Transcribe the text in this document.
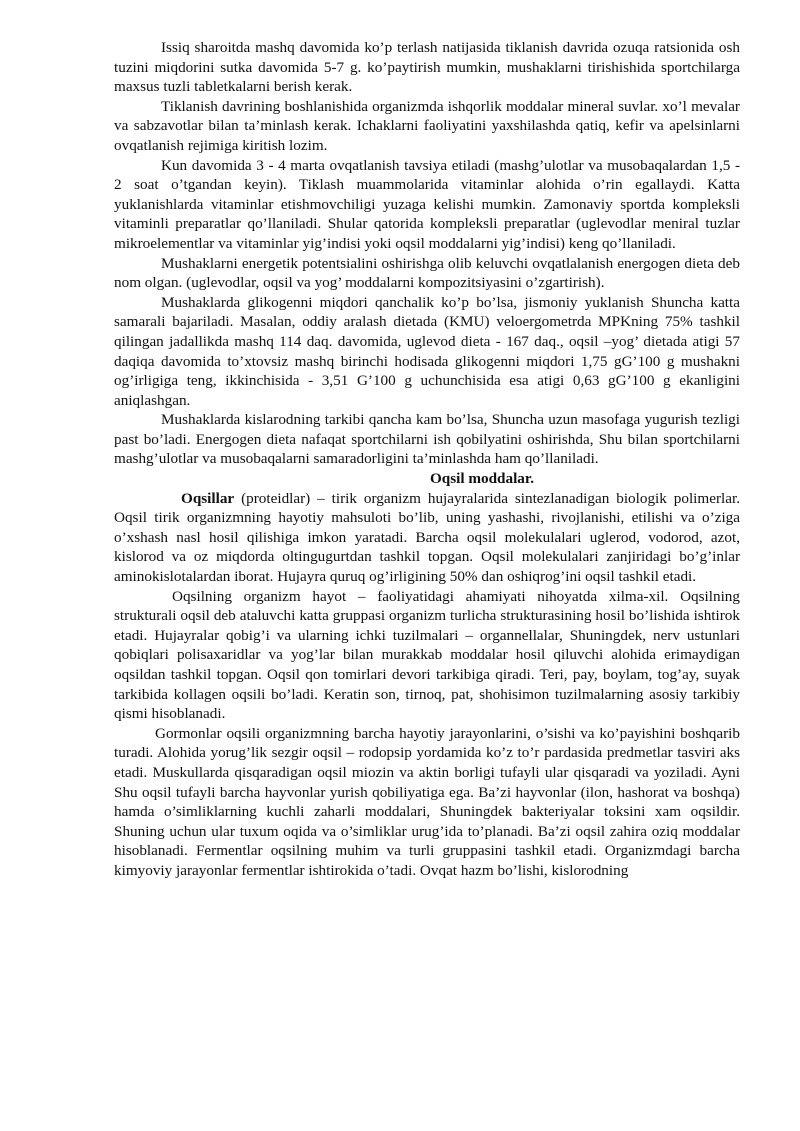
Issiq sharoitda mashq davomida ko’p terlash natijasida tiklanish davrida ozuqa ratsionida osh tuzini miqdorini sutka davomida 5-7 g. ko’paytirish mumkin, mushaklarni tirishishida sportchilarga maxsus tuzli tabletkalarni berish kerak.

Tiklanish davrining boshlanishida organizmda ishqorlik moddalar mineral suvlar. xo’l mevalar va sabzavotlar bilan ta’minlash kerak. Ichaklarni faoliyatini yaxshilashda qatiq, kefir va apelsinlarni ovqatlanish rejimiga kiritish lozim.

Kun davomida 3 - 4 marta ovqatlanish tavsiya etiladi (mashg’ulotlar va musobaqalardan 1,5 - 2 soat o’tgandan keyin). Tiklash muammolarida vitaminlar alohida o’rin egallaydi. Katta yuklanishlarda vitaminlar etishmovchiligi yuzaga kelishi mumkin. Zamonaviy sportda kompleksli vitaminli preparatlar qo’llaniladi. Shular qatorida kompleksli preparatlar (uglevodlar meniral tuzlar mikroelementlar va vitaminlar yig’indisi yoki oqsil moddalarni yig’indisi) keng qo’llaniladi.

Mushaklarni energetik potentsialini oshirishga olib keluvchi ovqatlalanish energogen dieta deb nom olgan. (uglevodlar, oqsil va yog’ moddalarni kompozitsiyasini o’zgartirish).

Mushaklarda glikogenni miqdori qanchalik ko’p bo’lsa, jismoniy yuklanish Shuncha katta samarali bajariladi. Masalan, oddiy aralash dietada (KMU) veloergometrda MPKning 75% tashkil qilingan jadallikda mashq 114 daq. davomida, uglevod dieta - 167 daq., oqsil –yog’ dietada atigi 57 daqiqa davomida to’xtovsiz mashq birinchi hodisada glikogenni miqdori 1,75 gG’100 g mushakni og’irligiga teng, ikkinchisida - 3,51 G’100 g uchunchisida esa atigi 0,63 gG’100 g ekanligini aniqlashgan.

Mushaklarda kislarodning tarkibi qancha kam bo’lsa, Shuncha uzun masofaga yugurish tezligi past bo’ladi. Energogen dieta nafaqat sportchilarni ish qobilyatini oshirishda, Shu bilan sportchilarni mashg’ulotlar va musobaqalarni samaradorligini ta’minlashda ham qo’llaniladi.

Oqsil moddalar.

Oqsillar (proteidlar) – tirik organizm hujayralarida sintezlanadigan biologik polimerlar. Oqsil tirik organizmning hayotiy mahsuloti bo’lib, uning yashashi, rivojlanishi, etilishi va o’ziga o’xshash nasl hosil qilishiga imkon yaratadi. Barcha oqsil molekulalari uglerod, vodorod, azot, kislorod va oz miqdorda oltingugurtdan tashkil topgan. Oqsil molekulalari zanjiridagi bo’g’inlar aminokislotalardan iborat. Hujayra quruq og’irligining 50% dan oshiqrog’ini oqsil tashkil etadi.

Oqsilning organizm hayot – faoliyatidagi ahamiyati nihoyatda xilma-xil. Oqsilning strukturali oqsil deb ataluvchi katta gruppasi organizm turlicha strukturasining hosil bo’lishida ishtirok etadi. Hujayralar qobig’i va ularning ichki tuzilmalari – organnellalar, Shuningdek, nerv ustunlari qobiqlari polisaxaridlar va yog’lar bilan murakkab moddalar hosil qiluvchi alohida erimaydigan oqsildan tashkil topgan. Oqsil qon tomirlari devori tarkibiga qiradi. Teri, pay, boylam, tog’ay, suyak tarkibida kollagen oqsili bo’ladi. Keratin son, tirnoq, pat, shohisimon tuzilmalarning asosiy tarkibiy qismi hisoblanadi.

Gormonlar oqsili organizmning barcha hayotiy jarayonlarini, o’sishi va ko’payishini boshqarib turadi. Alohida yorug’lik sezgir oqsil – rodopsip yordamida ko’z to’r pardasida predmetlar tasviri aks etadi. Muskullarda qisqaradigan oqsil miozin va aktin borligi tufayli ular qisqaradi va yoziladi. Ayni Shu oqsil tufayli barcha hayvonlar yurish qobiliyatiga ega. Ba’zi hayvonlar (ilon, hashorat va boshqa) hamda o’simliklarning kuchli zaharli moddalari, Shuningdek bakteriyalar toksini xam oqsildir. Shuning uchun ular tuxum oqida va o’simliklar urug’ida to’planadi. Ba’zi oqsil zahira oziq moddalar hisoblanadi. Fermentlar oqsilning muhim va turli gruppasini tashkil etadi. Organizmdagi barcha kimyoviy jarayonlar fermentlar ishtirokida o’tadi. Ovqat hazm bo’lishi, kislorodning
